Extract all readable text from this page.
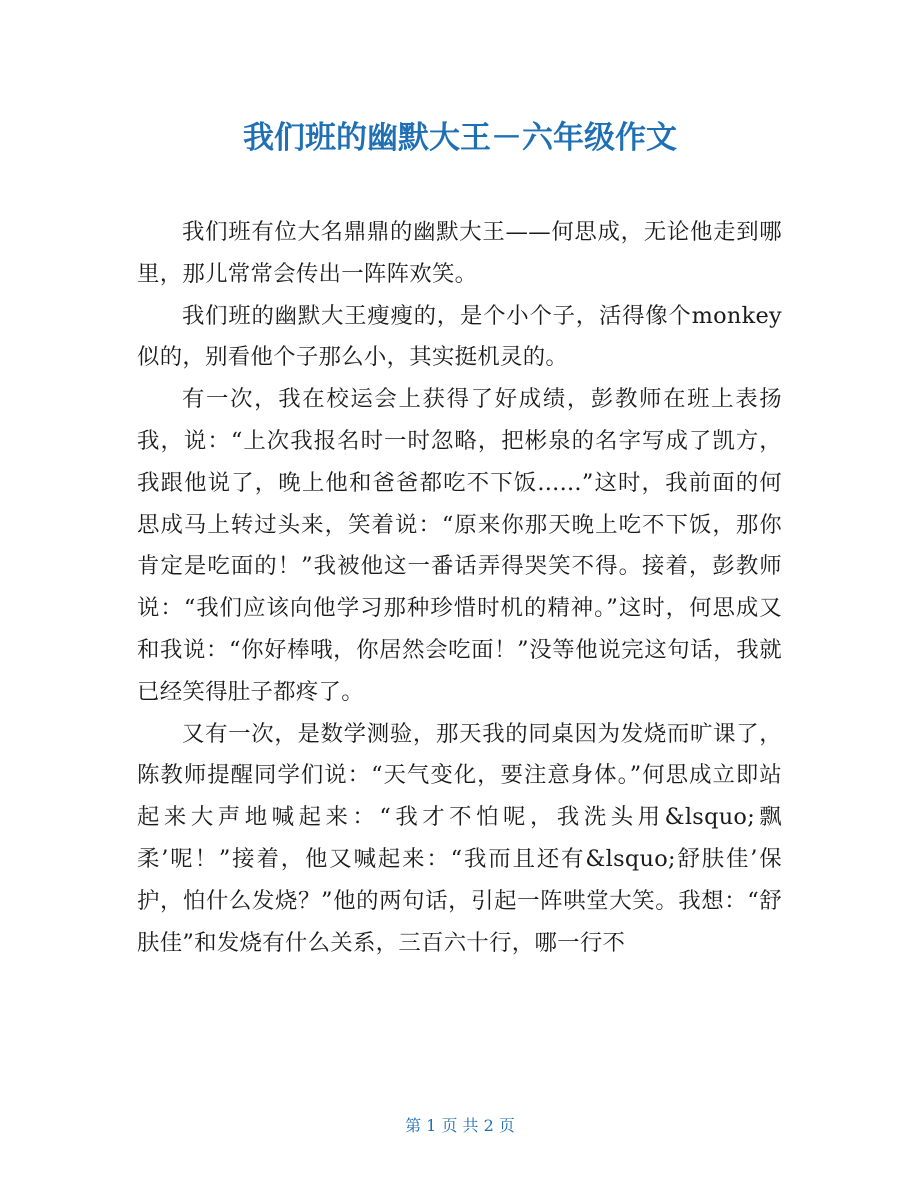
我们班的幽默大王－六年级作文

我们班有位大名鼎鼎的幽默大王——何思成，无论他走到哪里，那儿常常会传出一阵阵欢笑。

我们班的幽默大王瘦瘦的，是个小个子，活得像个monkey似的，别看他个子那么小，其实挺机灵的。

有一次，我在校运会上获得了好成绩，彭教师在班上表扬我，说：“上次我报名时一时忽略，把彬泉的名字写成了凯方，我跟他说了，晚上他和爸爸都吃不下饭......”这时，我前面的何思成马上转过头来，笑着说：“原来你那天晚上吃不下饭，那你肯定是吃面的！”我被他这一番话弄得哭笑不得。接着，彭教师说：“我们应该向他学习那种珍惜时机的精神。”这时，何思成又和我说：“你好棒哦，你居然会吃面！”没等他说完这句话，我就已经笑得肚子都疼了。

又有一次，是数学测验，那天我的同桌因为发烧而旷课了，陈教师提醒同学们说：“天气变化，要注意身体。”何思成立即站起来大声地喊起来：“我才不怕呢，我洗头用&lsquo;飘柔’呢！”接着，他又喊起来：“我而且还有&lsquo;舒肤佳’保护，怕什么发烧？”他的两句话，引起一阵哄堂大笑。我想：“舒肤佳”和发烧有什么关系，三百六十行，哪一行不

第 1 页 共 2 页
